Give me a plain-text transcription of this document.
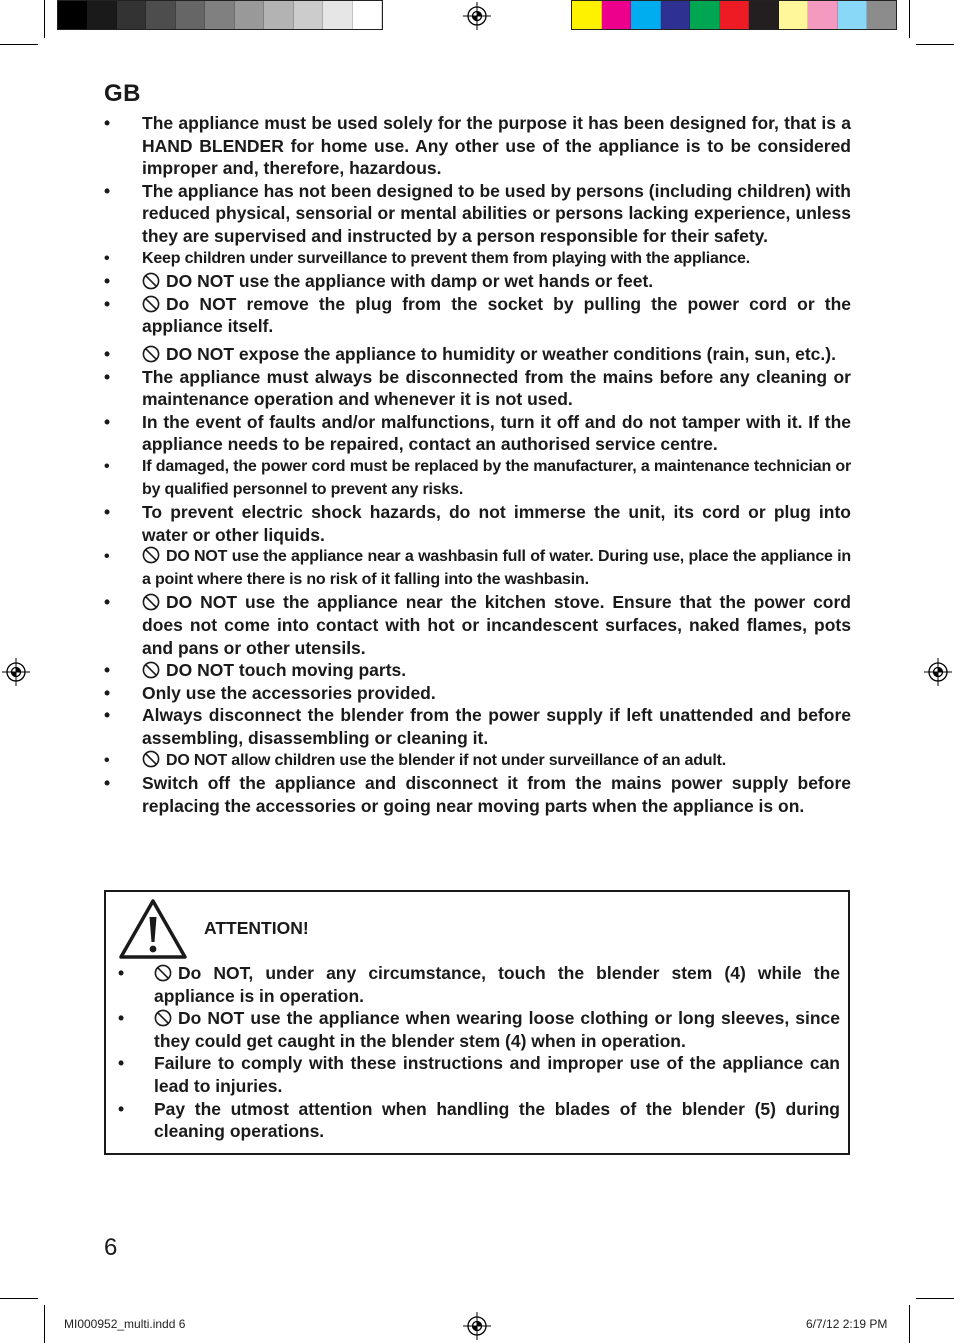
GB
• The appliance must be used solely for the purpose it has been designed for, that is a HAND BLENDER for home use. Any other use of the appliance is to be considered improper and, therefore, hazardous.
• The appliance has not been designed to be used by persons (including children) with reduced physical, sensorial or mental abilities or persons lacking experience, unless they are supervised and instructed by a person responsible for their safety.
• Keep children under surveillance to prevent them from playing with the appliance.
•	DO NOT use the appliance with damp or wet hands or feet.
•	Do NOT remove the plug from the socket by pulling the power cord or the appliance itself.
•	DO NOT expose the appliance to humidity or weather conditions (rain, sun, etc.).
• The appliance must always be disconnected from the mains before any cleaning or maintenance operation and whenever it is not used.
• In the event of faults and/or malfunctions, turn it off and do not tamper with it. If the appliance needs to be repaired, contact an authorised service centre.
• If damaged, the power cord must be replaced by the manufacturer, a maintenance technician or by qualified personnel to prevent any risks.
• To prevent electric shock hazards, do not immerse the unit, its cord or plug into water or other liquids.
•	DO NOT use the appliance near a washbasin full of water. During use, place the appliance in a point where there is no risk of it falling into the washbasin.
•	DO NOT use the appliance near the kitchen stove. Ensure that the power cord does not come into contact with hot or incandescent surfaces, naked flames, pots and pans or other utensils.
•	DO NOT touch moving parts.
• Only use the accessories provided.
• Always disconnect the blender from the power supply if left unattended and before assembling, disassembling or cleaning it.
•	DO NOT allow children use the blender if not under surveillance of an adult.
• Switch off the appliance and disconnect it from the mains power supply before replacing the accessories or going near moving parts when the appliance is on.
ATTENTION!
•	Do NOT, under any circumstance, touch the blender stem (4) while the appliance is in operation.
•	Do NOT use the appliance when wearing loose clothing or long sleeves, since they could get caught in the blender stem (4) when in operation.
• Failure to comply with these instructions and improper use of the appliance can lead to injuries.
• Pay the utmost attention when handling the blades of the blender (5) during cleaning operations.
6
MI000952_multi.indd 6	6/7/12 2:19 PM
